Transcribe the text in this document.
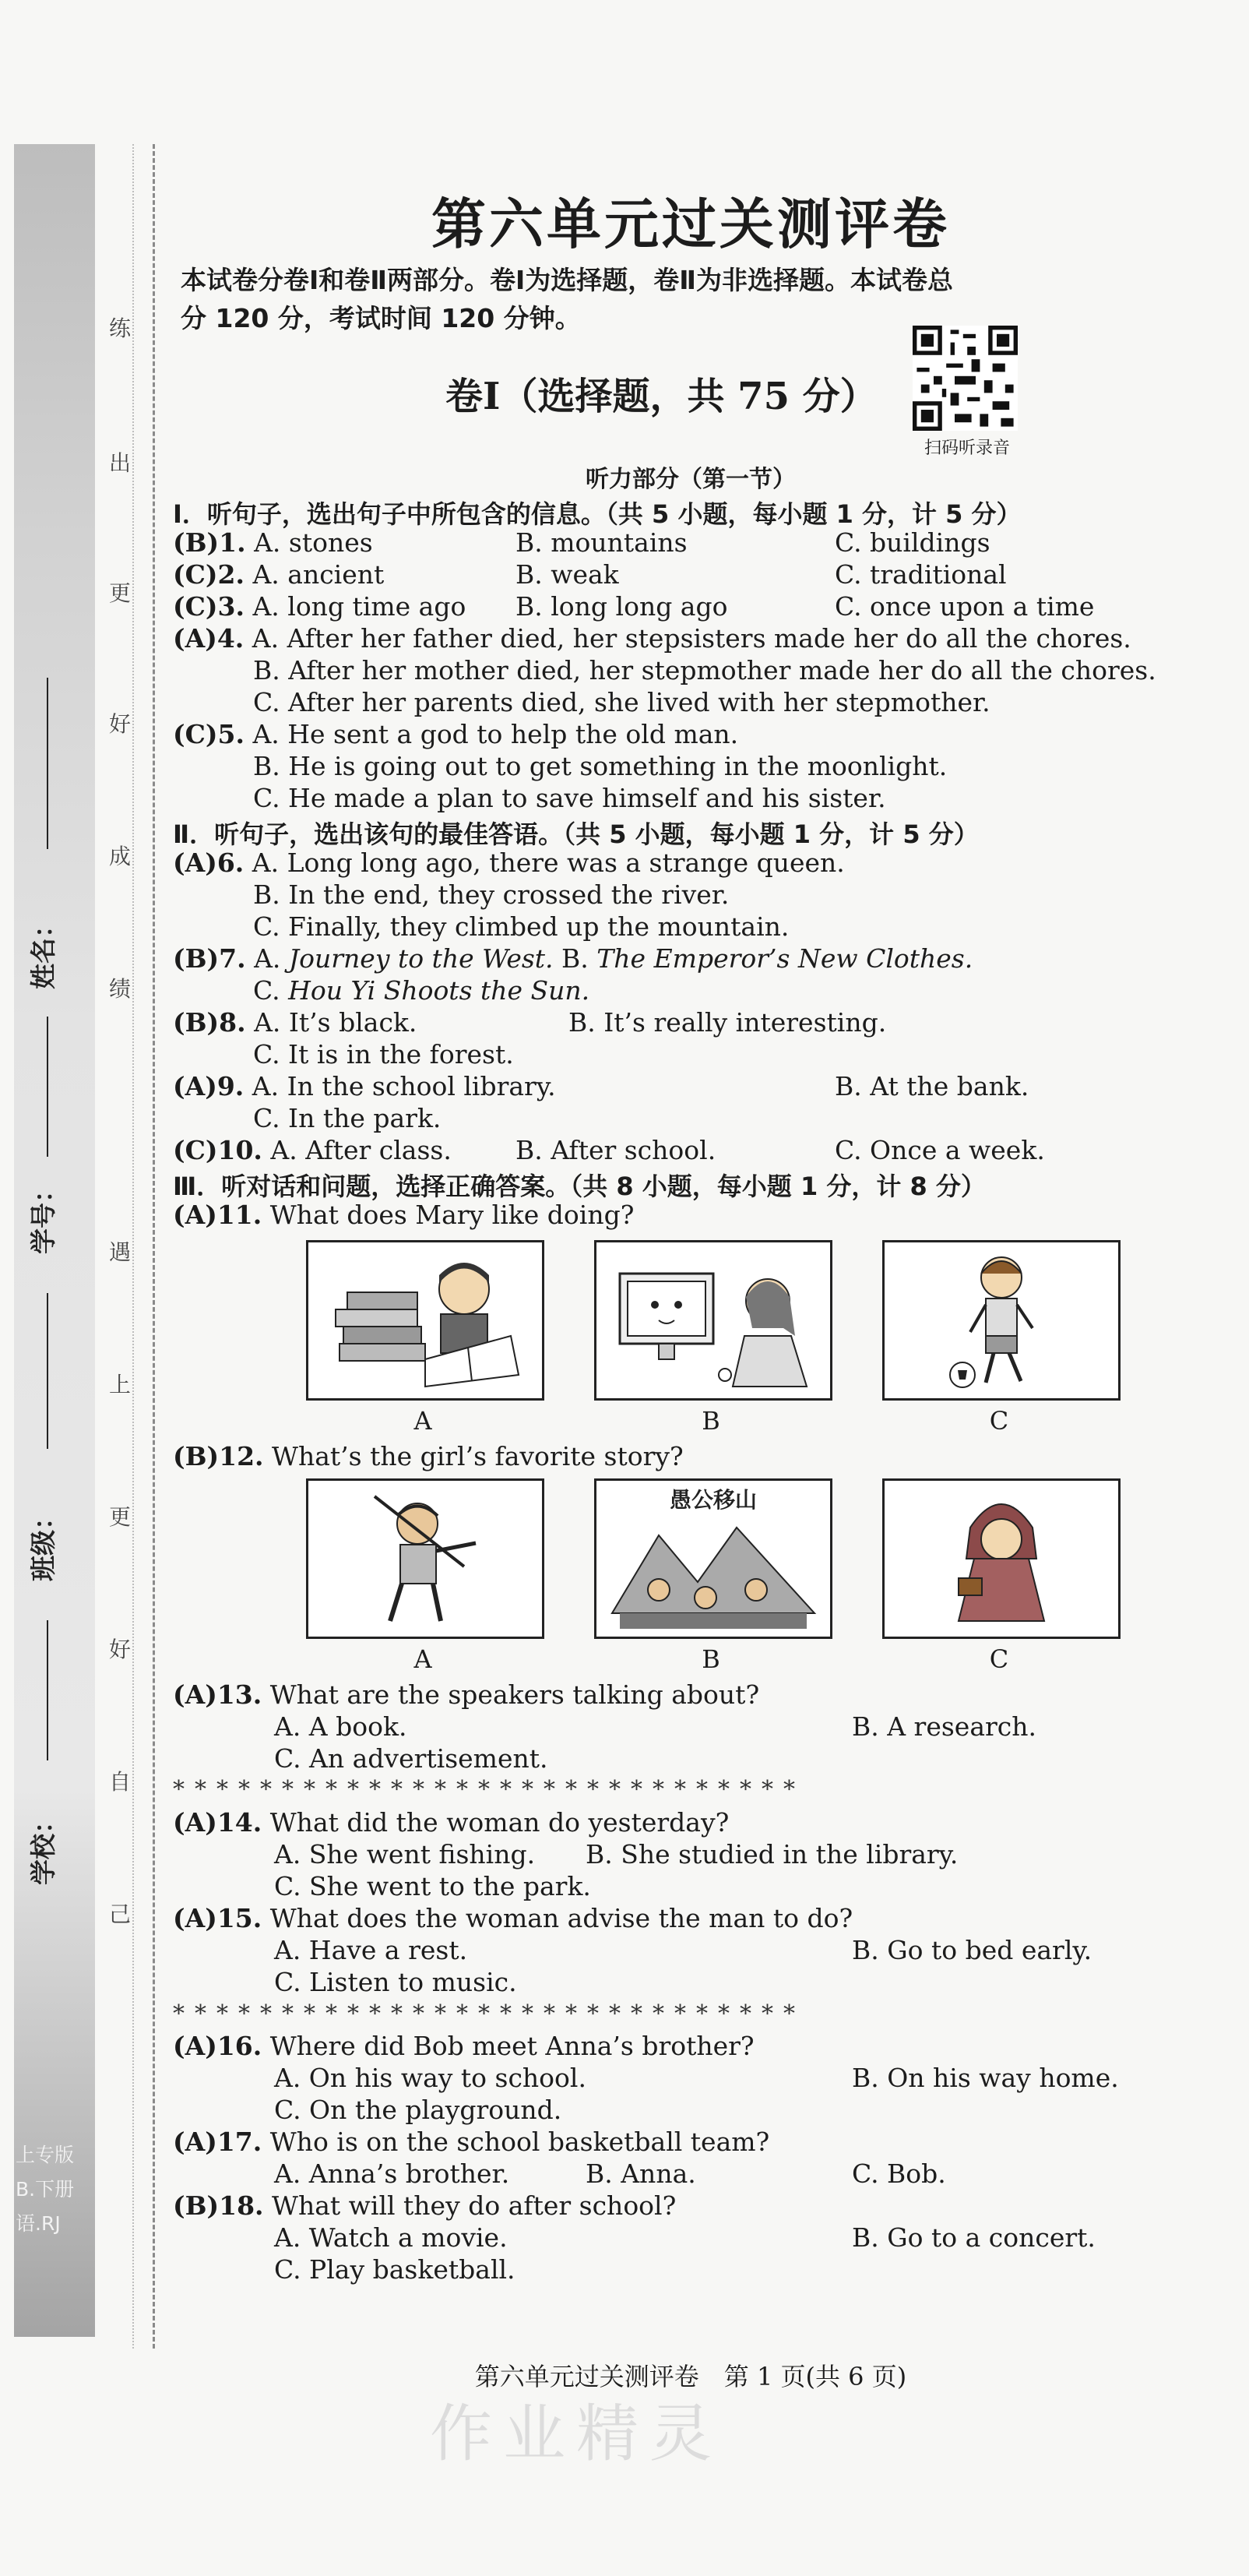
上专版
B.下册
语.RJ
练
出
更
好
成
绩
遇
上
更
好
自
己
姓名：
学号：
班级：
学校：
第六单元过关测评卷
本试卷分卷Ⅰ和卷Ⅱ两部分。卷Ⅰ为选择题，卷Ⅱ为非选择题。本试卷总
分 120 分，考试时间 120 分钟。
卷Ⅰ（选择题，共 75 分）
扫码听录音
听力部分（第一节）
Ⅰ．听句子，选出句子中所包含的信息。（共 5 小题，每小题 1 分，计 5 分）
(B)1. A. stones	B. mountains	C. buildings
(C)2. A. ancient	B. weak	C. traditional
(C)3. A. long time ago B. long long ago	C. once upon a time
(A)4. A. After her father died, her stepsisters made her do all the chores.
B. After her mother died, her stepmother made her do all the chores.
C. After her parents died, she lived with her stepmother.
(C)5. A. He sent a god to help the old man.
B. He is going out to get something in the moonlight.
C. He made a plan to save himself and his sister.
Ⅱ．听句子，选出该句的最佳答语。（共 5 小题，每小题 1 分，计 5 分）
(A)6. A. Long long ago, there was a strange queen.
B. In the end, they crossed the river.
C. Finally, they climbed up the mountain.
(B)7. A. Journey to the West. B. The Emperor’s New Clothes.
C. Hou Yi Shoots the Sun.
(B)8. A. It’s black.	B. It’s really interesting.
C. It is in the forest.
(A)9. A. In the school library.	B. At the bank.
C. In the park.
(C)10. A. After class. B. After school.	C. Once a week.
Ⅲ．听对话和问题，选择正确答案。（共 8 小题，每小题 1 分，计 8 分）
(A)11. What does Mary like doing?
A	B	C
(B)12. What’s the girl’s favorite story?
愚公移山
A	B	C
(A)13. What are the speakers talking about?
A. A book.	B. A research.
C. An advertisement.
*****************************
(A)14. What did the woman do yesterday?
A. She went fishing. B. She studied in the library.
C. She went to the park.
(A)15. What does the woman advise the man to do?
A. Have a rest.	B. Go to bed early.
C. Listen to music.
*****************************
(A)16. Where did Bob meet Anna’s brother?
A. On his way to school.	B. On his way home.
C. On the playground.
(A)17. Who is on the school basketball team?
A. Anna’s brother.	B. Anna.	C. Bob.
(B)18. What will they do after school?
A. Watch a movie.	B. Go to a concert.
C. Play basketball.
第六单元过关测评卷　第 1 页(共 6 页)
作业精灵
